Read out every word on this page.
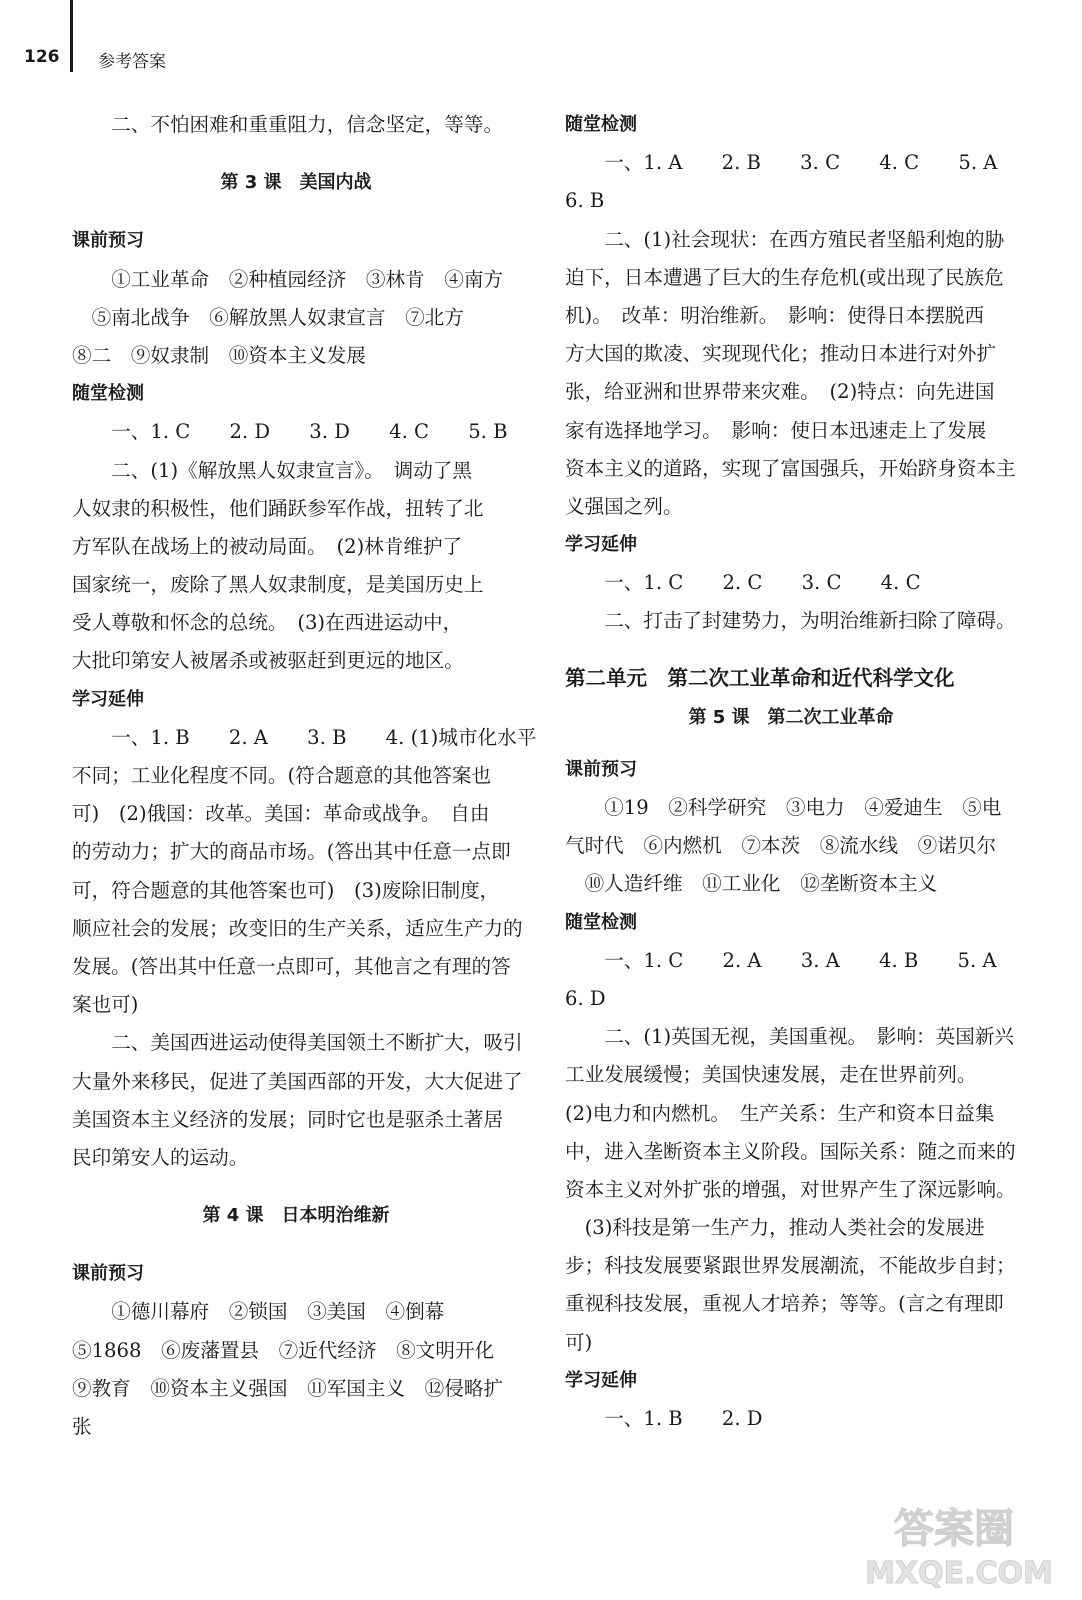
126 参考答案
二、不怕困难和重重阻力，信念坚定，等等。
第 3 课　美国内战
课前预习
①工业革命　②种植园经济　③林肯　④南方
⑤南北战争　⑥解放黑人奴隶宣言　⑦北方
⑧二　⑨奴隶制　⑩资本主义发展
随堂检测
一、1. C　　2. D　　3. D　　4. C　　5. B
二、(1)《解放黑人奴隶宣言》。　调动了黑
人奴隶的积极性，他们踊跃参军作战，扭转了北
方军队在战场上的被动局面。　(2)林肯维护了
国家统一，废除了黑人奴隶制度，是美国历史上
受人尊敬和怀念的总统。　(3)在西进运动中，
大批印第安人被屠杀或被驱赶到更远的地区。
学习延伸
一、1. B　　2. A　　3. B　　4. (1)城市化水平
不同；工业化程度不同。(符合题意的其他答案也
可)　(2)俄国：改革。美国：革命或战争。　自由
的劳动力；扩大的商品市场。(答出其中任意一点即
可，符合题意的其他答案也可)　(3)废除旧制度，
顺应社会的发展；改变旧的生产关系，适应生产力的
发展。(答出其中任意一点即可，其他言之有理的答
案也可)
二、美国西进运动使得美国领土不断扩大，吸引
大量外来移民，促进了美国西部的开发，大大促进了
美国资本主义经济的发展；同时它也是驱杀土著居
民印第安人的运动。
第 4 课　日本明治维新
课前预习
①德川幕府　②锁国　③美国　④倒幕
⑤1868　⑥废藩置县　⑦近代经济　⑧文明开化
⑨教育　⑩资本主义强国　⑪军国主义　⑫侵略扩
张
随堂检测
一、1. A　　2. B　　3. C　　4. C　　5. A
6. B
二、(1)社会现状：在西方殖民者坚船利炮的胁
迫下，日本遭遇了巨大的生存危机(或出现了民族危
机)。　改革：明治维新。　影响：使得日本摆脱西
方大国的欺凌、实现现代化；推动日本进行对外扩
张，给亚洲和世界带来灾难。　(2)特点：向先进国
家有选择地学习。　影响：使日本迅速走上了发展
资本主义的道路，实现了富国强兵，开始跻身资本主
义强国之列。
学习延伸
一、1. C　　2. C　　3. C　　4. C
二、打击了封建势力，为明治维新扫除了障碍。
第二单元　第二次工业革命和近代科学文化
第 5 课　第二次工业革命
课前预习
①19　②科学研究　③电力　④爱迪生　⑤电
气时代　⑥内燃机　⑦本茨　⑧流水线　⑨诺贝尔
⑩人造纤维　⑪工业化　⑫垄断资本主义
随堂检测
一、1. C　　2. A　　3. A　　4. B　　5. A
6. D
二、(1)英国无视，美国重视。　影响：英国新兴
工业发展缓慢；美国快速发展，走在世界前列。
(2)电力和内燃机。　生产关系：生产和资本日益集
中，进入垄断资本主义阶段。国际关系：随之而来的
资本主义对外扩张的增强，对世界产生了深远影响。
(3)科技是第一生产力，推动人类社会的发展进
步；科技发展要紧跟世界发展潮流，不能故步自封；
重视科技发展，重视人才培养；等等。(言之有理即
可)
学习延伸
一、1. B　　2. D
答案圈
MXQE.COM
